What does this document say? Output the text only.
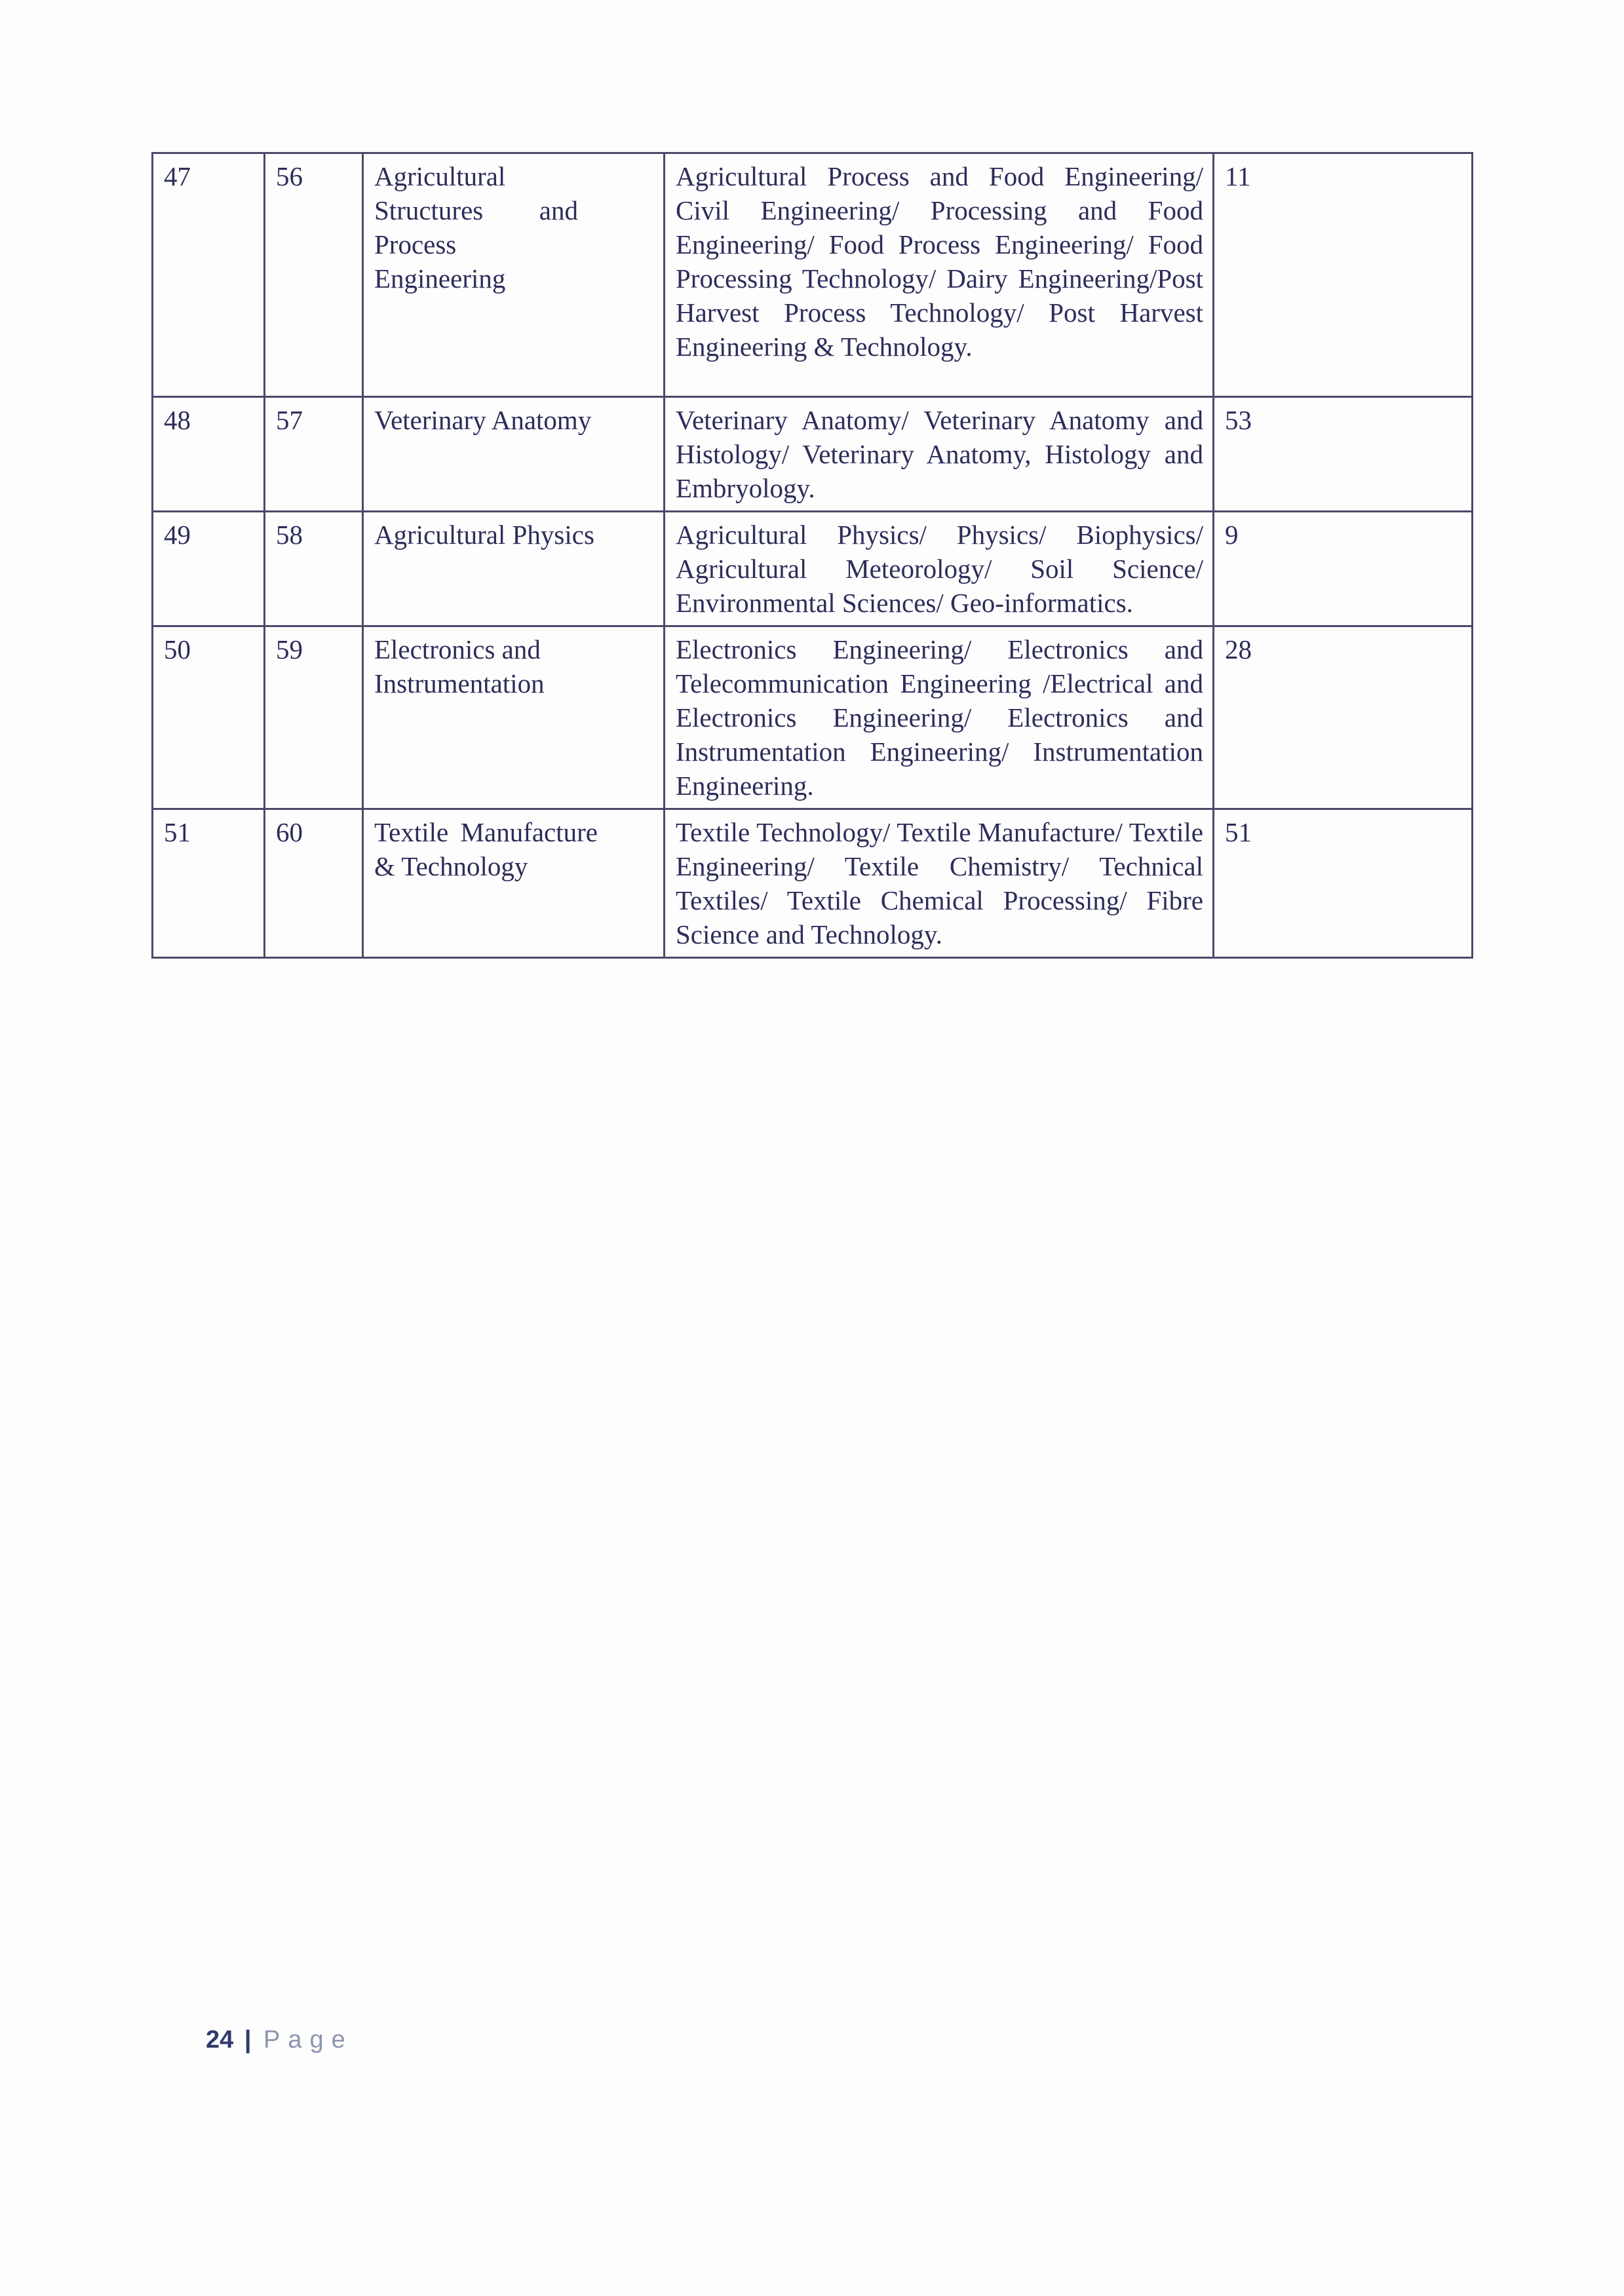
47	56	Agricultural Structures and Process Engineering	Agricultural Process and Food Engineering/ Civil Engineering/ Processing and Food Engineering/ Food Process Engineering/ Food Processing Technology/ Dairy Engineering/Post Harvest Process Technology/ Post Harvest Engineering & Technology.	11
48	57	Veterinary Anatomy	Veterinary Anatomy/ Veterinary Anatomy and Histology/ Veterinary Anatomy, Histology and Embryology.	53
49	58	Agricultural Physics	Agricultural Physics/ Physics/ Biophysics/ Agricultural Meteorology/ Soil Science/ Environmental Sciences/ Geo-informatics.	9
50	59	Electronics and Instrumentation	Electronics Engineering/ Electronics and Telecommunication Engineering /Electrical and Electronics Engineering/ Electronics and Instrumentation Engineering/ Instrumentation Engineering.	28
51	60	Textile Manufacture & Technology	Textile Technology/ Textile Manufacture/ Textile Engineering/ Textile Chemistry/ Technical Textiles/ Textile Chemical Processing/ Fibre Science and Technology.	51
24 | Page
